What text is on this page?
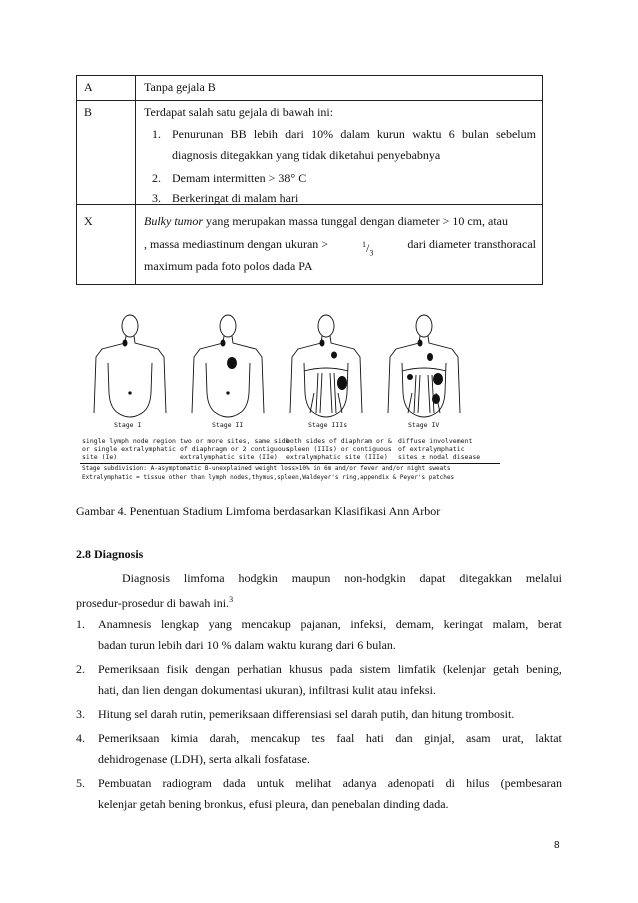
A	Tanpa gejala B
B	Terdapat salah satu gejala di bawah ini:
1. Penurunan BB lebih dari 10% dalam kurun waktu 6 bulan sebelum
diagnosis ditegakkan yang tidak diketahui penyebabnya
2. Demam intermitten > 38° C
3. Berkeringat di malam hari
X	Bulky tumor yang merupakan massa tunggal dengan diameter > 10 cm, atau
, massa mediastinum dengan ukuran >	$^1/_3$
dari diameter transthoracal
maximum pada foto polos dada PA
Stage I	Stage II	Stage IIIs	Stage IV
single lymph node region
or single extralymphatic
site (Ie)
two or more sites, same side
of diaphragm or 2 contiguous
extralymphatic site (IIe)
both sides of diaphram or &
spleen (IIIs) or contiguous
extralymphatic site (IIIe)
diffuse involvement
of extralymphatic
sites ± nodal disease
Stage subdivision: A-asymptomatic B-unexplained weight loss>10% in 6m and/or fever and/or night sweats
Extralymphatic = tissue other than lymph nodes,thymus,spleen,Waldeyer's ring,appendix & Peyer's patches
Gambar 4. Penentuan Stadium Limfoma berdasarkan Klasifikasi Ann Arbor
2.8 Diagnosis
Diagnosis limfoma hodgkin maupun non-hodgkin dapat ditegakkan melalui
prosedur-prosedur di bawah ini.$^3$
1. Anamnesis lengkap yang mencakup pajanan, infeksi, demam, keringat malam, berat
badan turun lebih dari 10 % dalam waktu kurang dari 6 bulan.
2. Pemeriksaan fisik dengan perhatian khusus pada sistem limfatik (kelenjar getah bening,
hati, dan lien dengan dokumentasi ukuran), infiltrasi kulit atau infeksi.
3. Hitung sel darah rutin, pemeriksaan differensiasi sel darah putih, dan hitung trombosit.
4. Pemeriksaan kimia darah, mencakup tes faal hati dan ginjal, asam urat, laktat
dehidrogenase (LDH), serta alkali fosfatase.
5. Pembuatan radiogram dada untuk melihat adanya adenopati di hilus (pembesaran
kelenjar getah bening bronkus, efusi pleura, dan penebalan dinding dada.
8
